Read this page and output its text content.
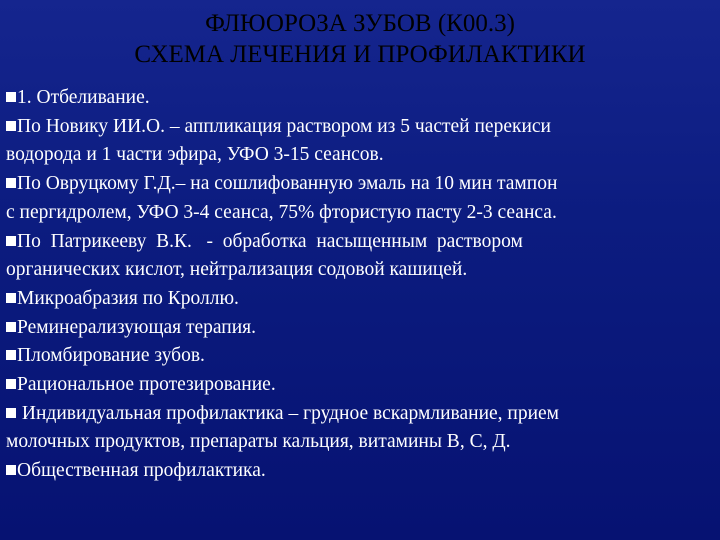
ФЛЮОРОЗА ЗУБОВ (К00.3)
СХЕМА ЛЕЧЕНИЯ И ПРОФИЛАКТИКИ
1. Отбеливание.
По Новику ИИ.О. – аппликация раствором из 5 частей перекиси
водорода и 1 части эфира, УФО 3-15 сеансов.
По Овруцкому Г.Д.– на сошлифованную эмаль на 10 мин тампон
с пергидролем, УФО 3-4 сеанса, 75% фтористую пасту 2-3 сеанса.
По  Патрикееву  В.К.   -  обработка  насыщенным  раствором
органических кислот, нейтрализация содовой кашицей.
Микроабразия по Кроллю.
Реминерализующая терапия.
Пломбирование зубов.
Рациональное протезирование.
Индивидуальная профилактика – грудное вскармливание, прием
молочных продуктов, препараты кальция, витамины В, С, Д.
Общественная профилактика.
